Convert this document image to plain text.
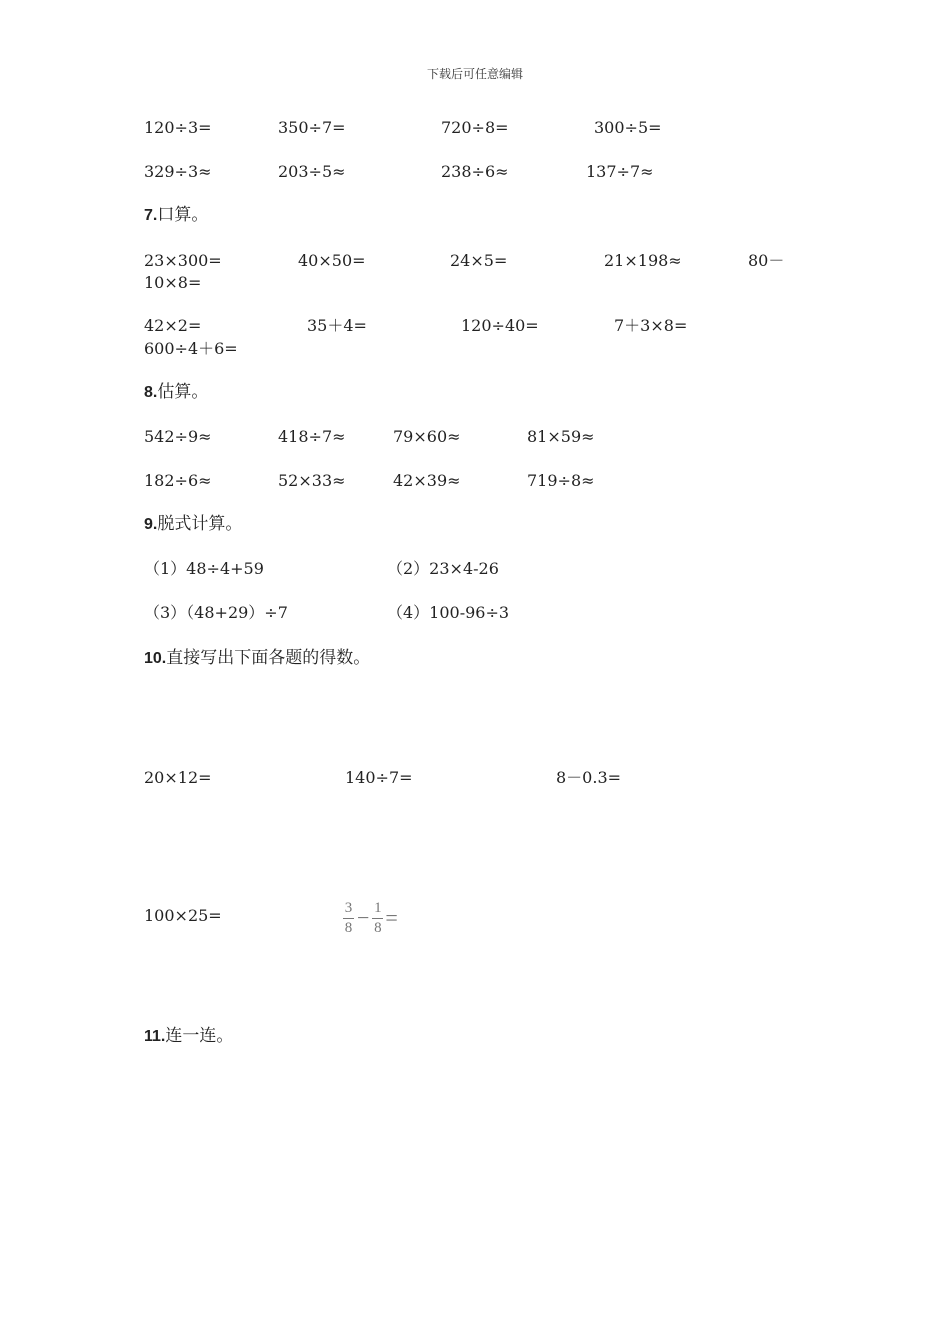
下载后可任意编辑
120÷3=	350÷7=	720÷8=	300÷5=
329÷3≈	203÷5≈	238÷6≈	137÷7≈
7.口算。
23×300=	40×50=	24×5=	21×198≈	80－
10×8=
42×2=	35＋4=	120÷40=	7＋3×8=
600÷4＋6=
8.估算。
542÷9≈	418÷7≈	79×60≈	81×59≈
182÷6≈	52×33≈	42×39≈	719÷8≈
9.脱式计算。
（1）48÷4+59	（2）23×4-26
（3）（48+29）÷7	（4）100-96÷3
10.直接写出下面各题的得数。
20×12=	140÷7=	8－0.3=
100×25=	$\frac{3}{8} - \frac{1}{8}$ =
11.连一连。
